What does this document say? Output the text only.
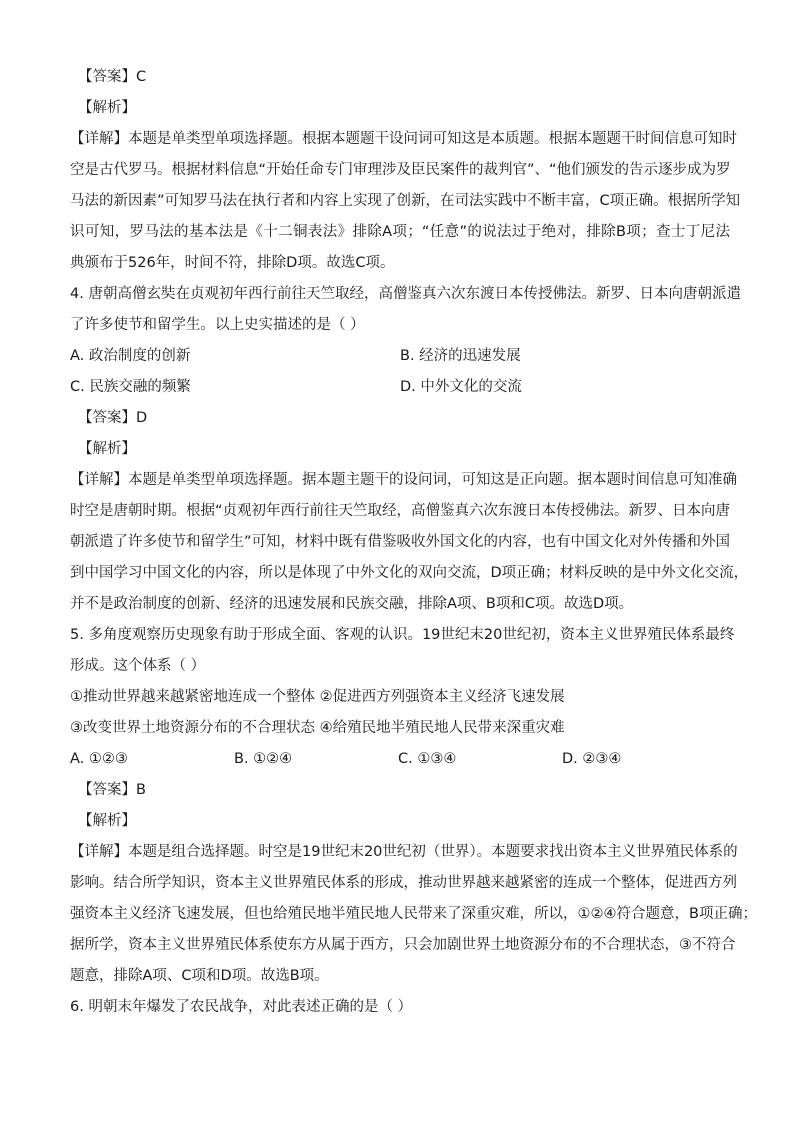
【答案】C
【解析】
【详解】本题是单类型单项选择题。根据本题题干设问词可知这是本质题。根据本题题干时间信息可知时
空是古代罗马。根据材料信息“开始任命专门审理涉及臣民案件的裁判官”、“他们颁发的告示逐步成为罗
马法的新因素”可知罗马法在执行者和内容上实现了创新，在司法实践中不断丰富，C项正确。根据所学知
识可知，罗马法的基本法是《十二铜表法》排除A项；“任意”的说法过于绝对，排除B项；查士丁尼法
典颁布于526年，时间不符，排除D项。故选C项。
4. 唐朝高僧玄奘在贞观初年西行前往天竺取经，高僧鉴真六次东渡日本传授佛法。新罗、日本向唐朝派遣
了许多使节和留学生。以上史实描述的是（ ）
A. 政治制度的创新	B. 经济的迅速发展
C. 民族交融的频繁	D. 中外文化的交流
【答案】D
【解析】
【详解】本题是单类型单项选择题。据本题主题干的设问词，可知这是正向题。据本题时间信息可知准确
时空是唐朝时期。根据“贞观初年西行前往天竺取经，高僧鉴真六次东渡日本传授佛法。新罗、日本向唐
朝派遣了许多使节和留学生”可知，材料中既有借鉴吸收外国文化的内容，也有中国文化对外传播和外国
到中国学习中国文化的内容，所以是体现了中外文化的双向交流，D项正确；材料反映的是中外文化交流，
并不是政治制度的创新、经济的迅速发展和民族交融，排除A项、B项和C项。故选D项。
5. 多角度观察历史现象有助于形成全面、客观的认识。19世纪末20世纪初，资本主义世界殖民体系最终
形成。这个体系（ ）
①推动世界越来越紧密地连成一个整体 ②促进西方列强资本主义经济飞速发展
③改变世界土地资源分布的不合理状态 ④给殖民地半殖民地人民带来深重灾难
A. ①②③	B. ①②④	C. ①③④	D. ②③④
【答案】B
【解析】
【详解】本题是组合选择题。时空是19世纪末20世纪初（世界）。本题要求找出资本主义世界殖民体系的
影响。结合所学知识，资本主义世界殖民体系的形成，推动世界越来越紧密的连成一个整体，促进西方列
强资本主义经济飞速发展，但也给殖民地半殖民地人民带来了深重灾难，所以，①②④符合题意，B项正确；
据所学，资本主义世界殖民体系使东方从属于西方，只会加剧世界土地资源分布的不合理状态，③不符合
题意，排除A项、C项和D项。故选B项。
6. 明朝末年爆发了农民战争，对此表述正确的是（ ）
